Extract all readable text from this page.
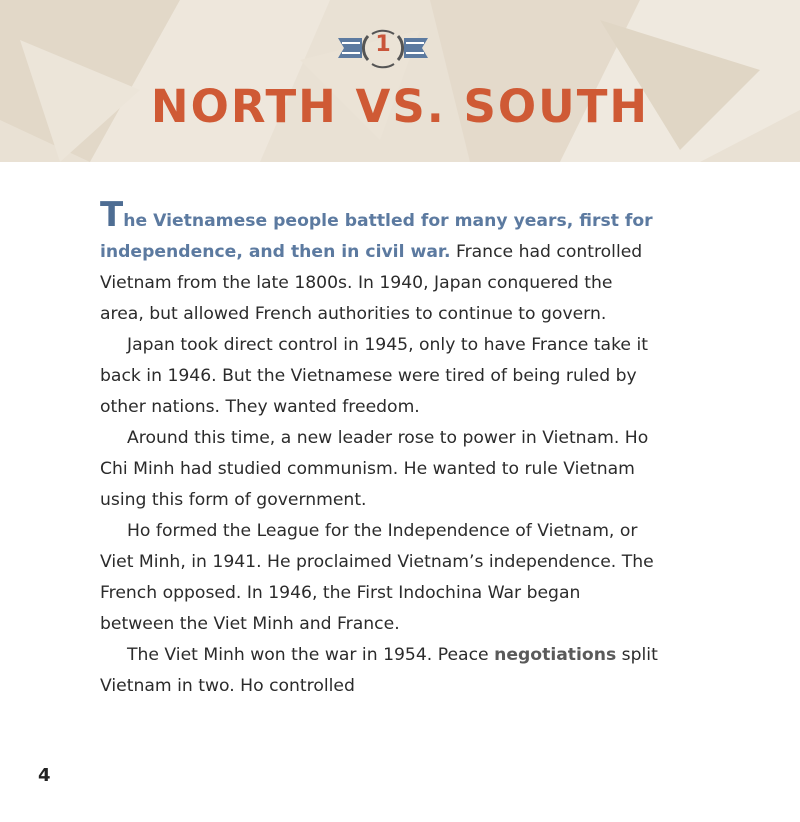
1
NORTH VS. SOUTH

The Vietnamese people battled for many years, first for independence, and then in civil war. France had controlled Vietnam from the late 1800s. In 1940, Japan conquered the area, but allowed French authorities to continue to govern.

Japan took direct control in 1945, only to have France take it back in 1946. But the Vietnamese were tired of being ruled by other nations. They wanted freedom.

Around this time, a new leader rose to power in Vietnam. Ho Chi Minh had studied communism. He wanted to rule Vietnam using this form of government.

Ho formed the League for the Independence of Vietnam, or Viet Minh, in 1941. He proclaimed Vietnam’s independence. The French opposed. In 1946, the First Indochina War began between the Viet Minh and France.

The Viet Minh won the war in 1954. Peace negotiations split Vietnam in two. Ho controlled

4
